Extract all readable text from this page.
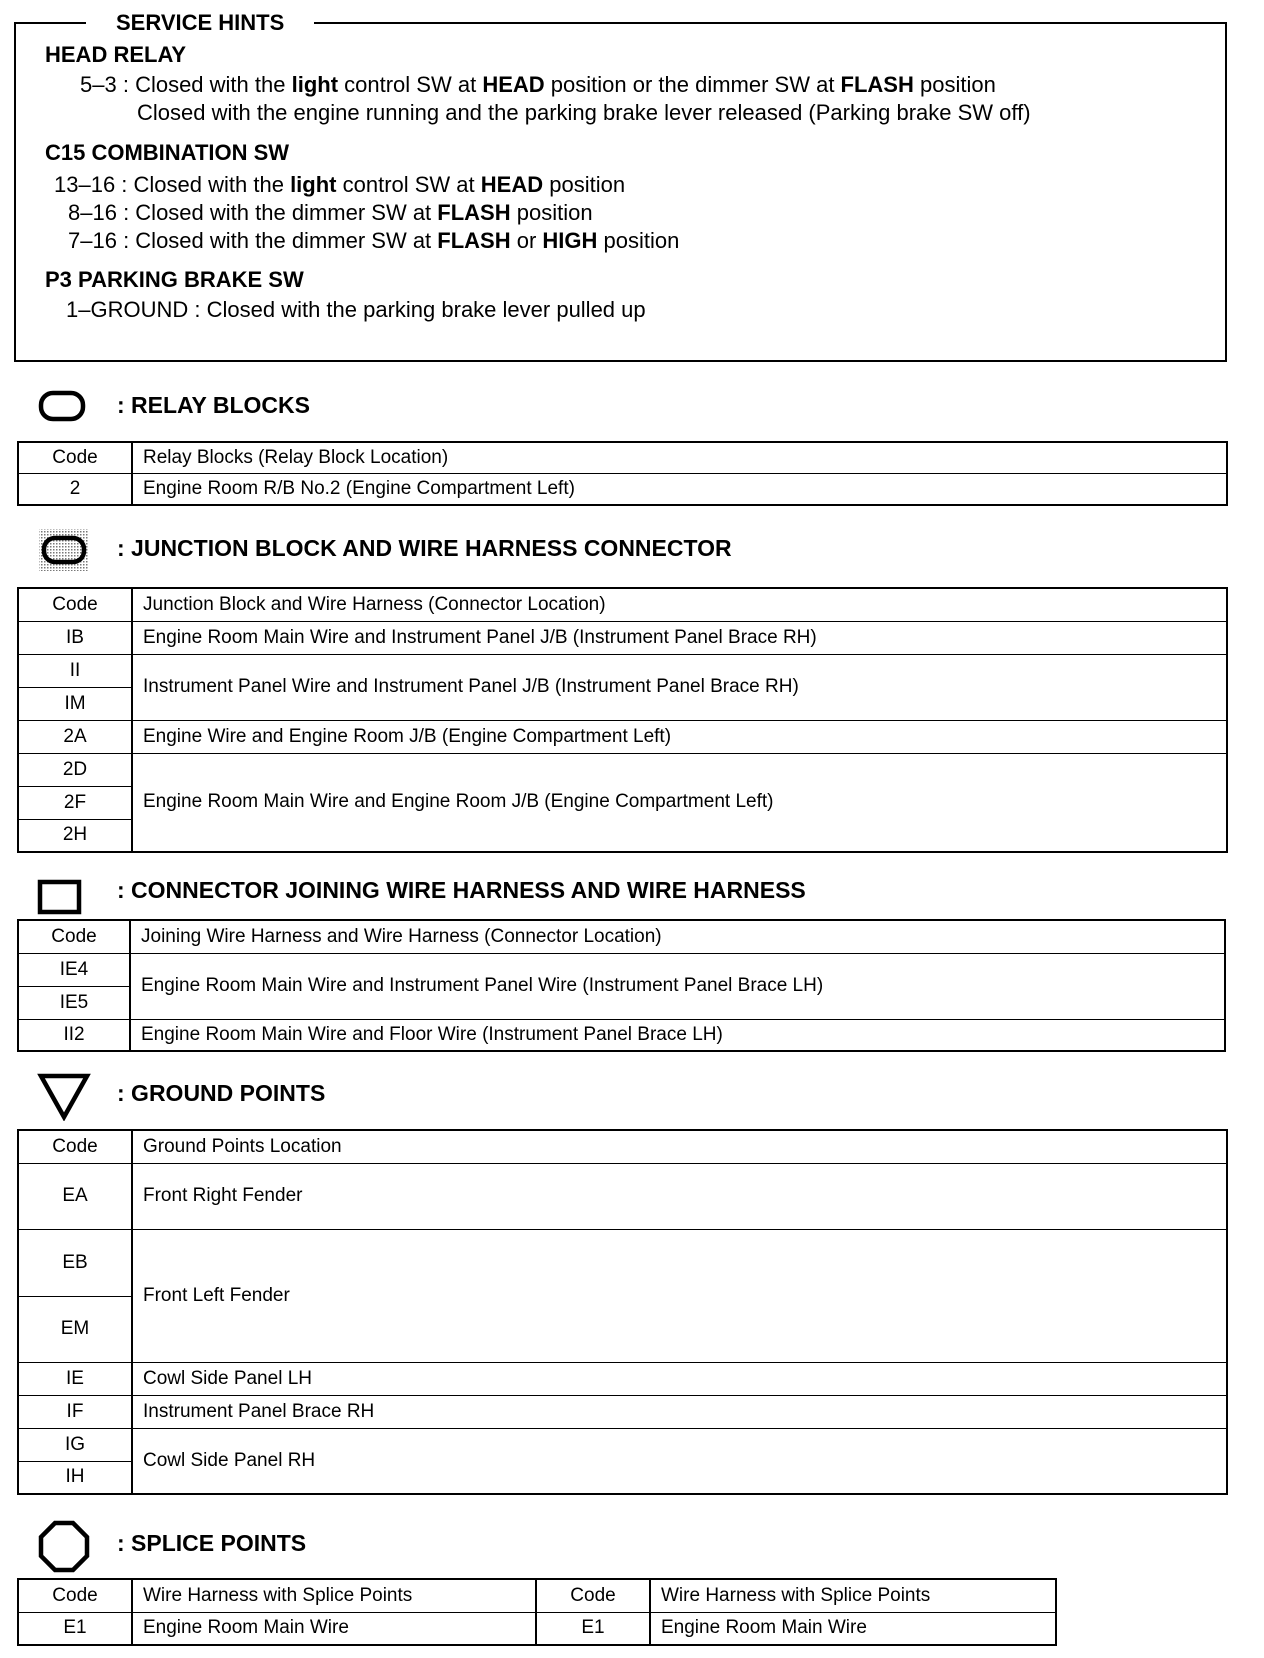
SERVICE HINTS
HEAD RELAY
5–3 : Closed with the light control SW at HEAD position or the dimmer SW at FLASH position
Closed with the engine running and the parking brake lever released (Parking brake SW off)
C15 COMBINATION SW
13–16 : Closed with the light control SW at HEAD position
8–16 : Closed with the dimmer SW at FLASH position
7–16 : Closed with the dimmer SW at FLASH or HIGH position
P3 PARKING BRAKE SW
1–GROUND : Closed with the parking brake lever pulled up
: RELAY BLOCKS
Code	Relay Blocks (Relay Block Location)
2	Engine Room R/B No.2 (Engine Compartment Left)
: JUNCTION BLOCK AND WIRE HARNESS CONNECTOR
Code	Junction Block and Wire Harness (Connector Location)
IB	Engine Room Main Wire and Instrument Panel J/B (Instrument Panel Brace RH)
II	Instrument Panel Wire and Instrument Panel J/B (Instrument Panel Brace RH)
IM	
2A	Engine Wire and Engine Room J/B (Engine Compartment Left)
2D	Engine Room Main Wire and Engine Room J/B (Engine Compartment Left)
2F	
2H	
: CONNECTOR JOINING WIRE HARNESS AND WIRE HARNESS
Code	Joining Wire Harness and Wire Harness (Connector Location)
IE4	Engine Room Main Wire and Instrument Panel Wire (Instrument Panel Brace LH)
IE5	
II2	Engine Room Main Wire and Floor Wire (Instrument Panel Brace LH)
: GROUND POINTS
Code	Ground Points Location
EA	Front Right Fender
EB	Front Left Fender
EM	
IE	Cowl Side Panel LH
IF	Instrument Panel Brace RH
IG	Cowl Side Panel RH
IH	
: SPLICE POINTS
Code	Wire Harness with Splice Points	Code	Wire Harness with Splice Points
E1	Engine Room Main Wire	E1	Engine Room Main Wire
